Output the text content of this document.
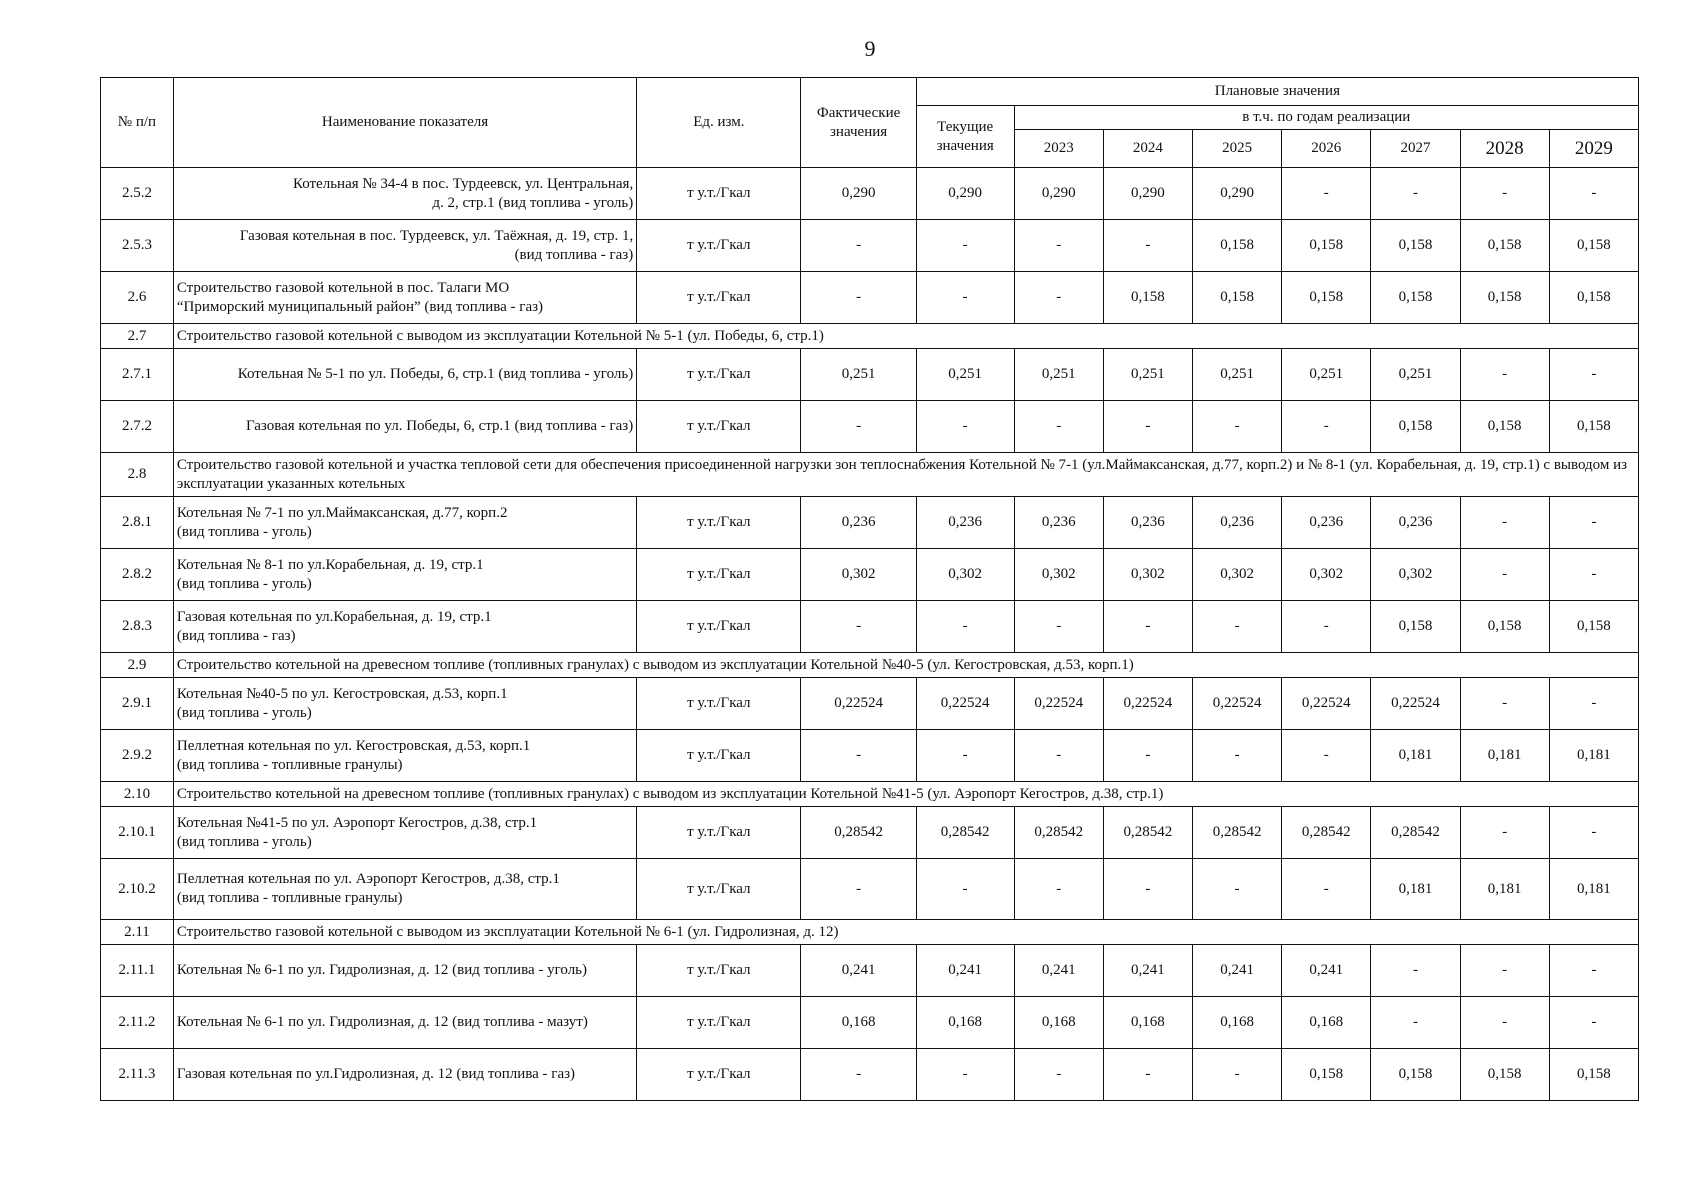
9
№ п/п	Наименование показателя	Ед. изм.	Фактические значения	Плановые значения							
				Текущие значения	в т.ч. по годам реализации						
					2023	2024	2025	2026	2027	2028	2029
2.5.2	Котельная № 34-4 в пос. Турдеевск, ул. Центральная,
д. 2, стр.1 (вид топлива - уголь)	т у.т./Гкал	0,290	0,290	0,290	0,290	0,290	-	-	-	-
2.5.3	Газовая котельная в пос. Турдеевск, ул. Таёжная, д. 19, стр. 1,
(вид топлива - газ)	т у.т./Гкал	-	-	-	-	0,158	0,158	0,158	0,158	0,158
2.6	Строительство газовой котельной в пос. Талаги МО
“Приморский муниципальный район” (вид топлива - газ)	т у.т./Гкал	-	-	-	0,158	0,158	0,158	0,158	0,158	0,158
2.7	Строительство газовой котельной с выводом из эксплуатации Котельной № 5-1 (ул. Победы, 6, стр.1)										
2.7.1	Котельная № 5-1 по ул. Победы, 6, стр.1 (вид топлива - уголь)	т у.т./Гкал	0,251	0,251	0,251	0,251	0,251	0,251	0,251	-	-
2.7.2	Газовая котельная по ул. Победы, 6, стр.1 (вид топлива - газ)	т у.т./Гкал	-	-	-	-	-	-	0,158	0,158	0,158
2.8	Строительство газовой котельной и участка тепловой сети для обеспечения присоединенной нагрузки зон теплоснабжения Котельной № 7-1 (ул.Маймаксанская, д.77, корп.2) и № 8-1 (ул. Корабельная, д. 19, стр.1) с выводом из эксплуатации указанных котельных										
2.8.1	Котельная № 7-1 по ул.Маймаксанская, д.77, корп.2
(вид топлива - уголь)	т у.т./Гкал	0,236	0,236	0,236	0,236	0,236	0,236	0,236	-	-
2.8.2	Котельная № 8-1 по ул.Корабельная, д. 19, стр.1
(вид топлива - уголь)	т у.т./Гкал	0,302	0,302	0,302	0,302	0,302	0,302	0,302	-	-
2.8.3	Газовая котельная по ул.Корабельная, д. 19, стр.1
(вид топлива - газ)	т у.т./Гкал	-	-	-	-	-	-	0,158	0,158	0,158
2.9	Строительство котельной на древесном топливе (топливных гранулах) с выводом из эксплуатации Котельной №40-5 (ул. Кегостровская, д.53, корп.1)										
2.9.1	Котельная №40-5 по ул. Кегостровская, д.53, корп.1
(вид топлива - уголь)	т у.т./Гкал	0,22524	0,22524	0,22524	0,22524	0,22524	0,22524	0,22524	-	-
2.9.2	Пеллетная котельная по ул. Кегостровская, д.53, корп.1
(вид топлива - топливные гранулы)	т у.т./Гкал	-	-	-	-	-	-	0,181	0,181	0,181
2.10	Строительство котельной на древесном топливе (топливных гранулах) с выводом из эксплуатации Котельной №41-5 (ул. Аэропорт Кегостров, д.38, стр.1)										
2.10.1	Котельная №41-5 по ул. Аэропорт Кегостров, д.38, стр.1
(вид топлива - уголь)	т у.т./Гкал	0,28542	0,28542	0,28542	0,28542	0,28542	0,28542	0,28542	-	-
2.10.2	Пеллетная котельная по ул. Аэропорт Кегостров, д.38, стр.1
(вид топлива - топливные гранулы)	т у.т./Гкал	-	-	-	-	-	-	0,181	0,181	0,181
2.11	Строительство газовой котельной с выводом из эксплуатации Котельной № 6-1 (ул. Гидролизная, д. 12)										
2.11.1	Котельная № 6-1 по ул. Гидролизная, д. 12 (вид топлива - уголь)	т у.т./Гкал	0,241	0,241	0,241	0,241	0,241	0,241	-	-	-
2.11.2	Котельная № 6-1 по ул. Гидролизная, д. 12 (вид топлива - мазут)	т у.т./Гкал	0,168	0,168	0,168	0,168	0,168	0,168	-	-	-
2.11.3	Газовая котельная по ул.Гидролизная, д. 12 (вид топлива - газ)	т у.т./Гкал	-	-	-	-	-	0,158	0,158	0,158	0,158
